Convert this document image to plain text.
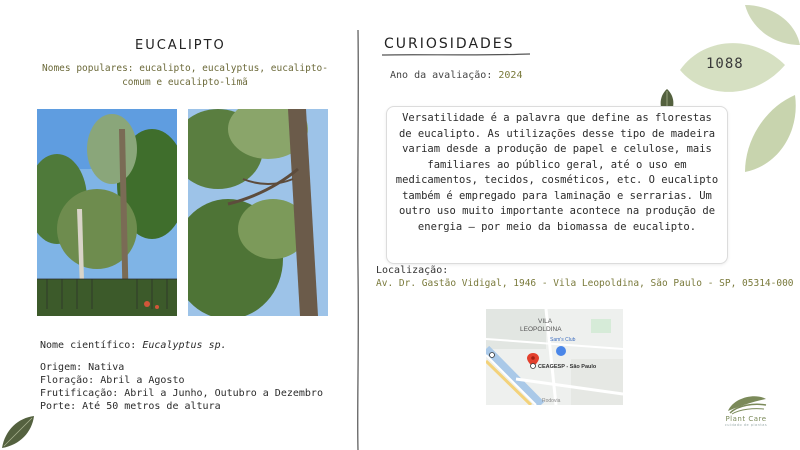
1088
EUCALIPTO
Nomes populares: eucalipto, eucalyptus, eucalipto-comum e eucalipto-limã
Nome científico: Eucalyptus sp.
Origem: Nativa
Floração: Abril a Agosto
Frutificação: Abril a Junho, Outubro a Dezembro
Porte: Até 50 metros de altura
CURIOSIDADES
Ano da avaliação: 2024

Versatilidade é a palavra que define as florestas de eucalipto. As utilizações desse tipo de madeira variam desde a produção de papel e celulose, mais familiares ao público geral, até o uso em medicamentos, tecidos, cosméticos, etc. O eucalipto também é empregado para laminação e serrarias. Um outro uso muito importante acontece na produção de energia — por meio da biomassa de eucalipto.

Localização:
Av. Dr. Gastão Vidigal, 1946 - Vila Leopoldina, São Paulo - SP, 05314-000
VILA
LEOPOLDINA
Sam's Club
CEAGESP - São Paulo
Rodovia
Plant Care
cuidado de plantas
